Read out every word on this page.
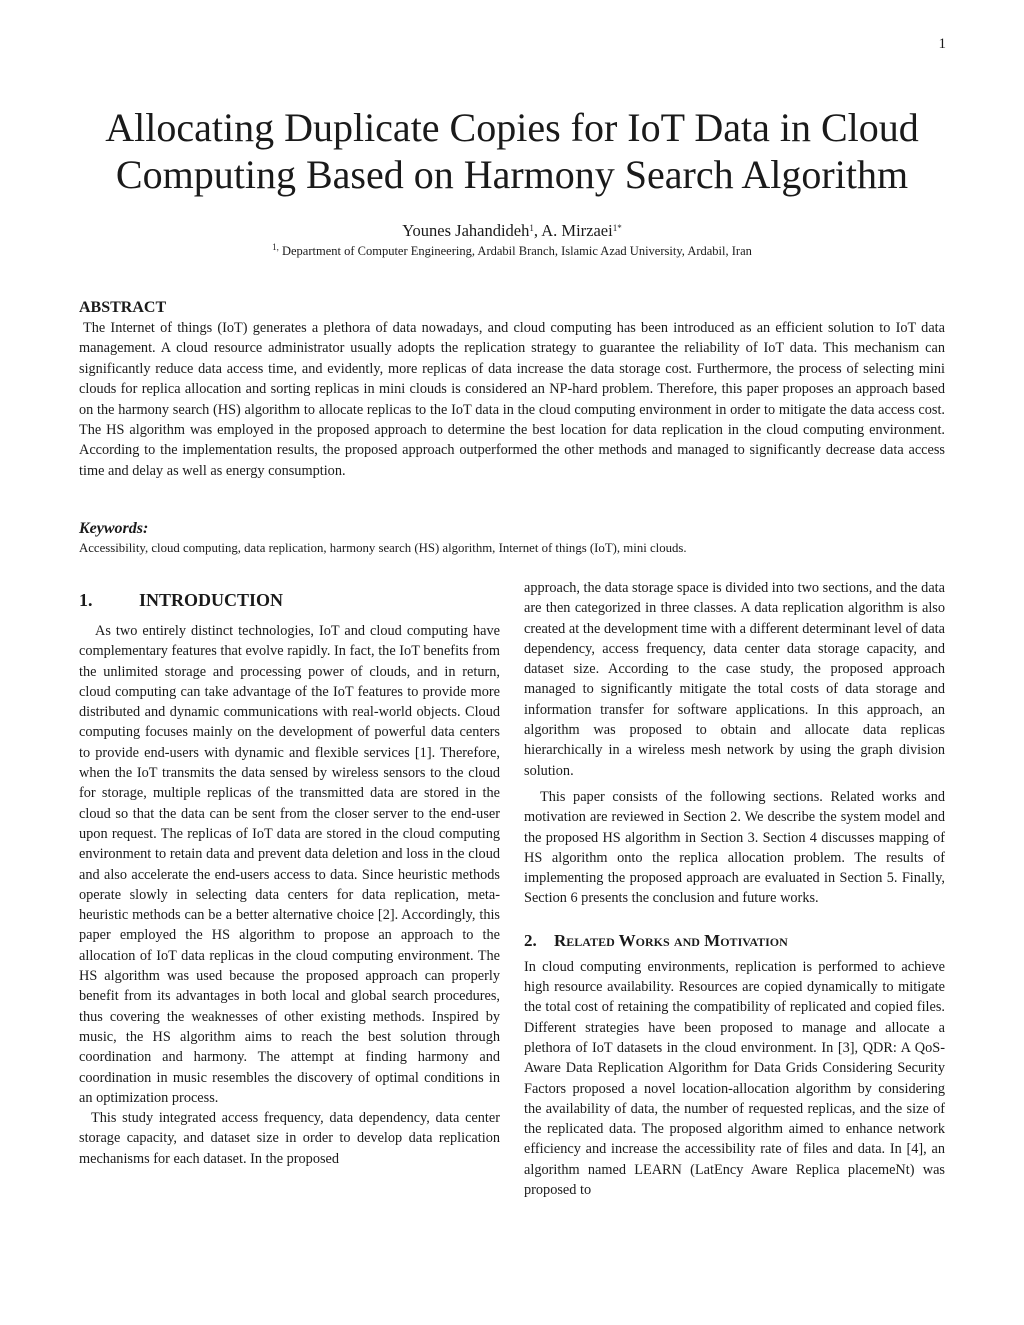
1
Allocating Duplicate Copies for IoT Data in Cloud
Computing Based on Harmony Search Algorithm
Younes Jahandideh$^1$, A. Mirzaei$^{1*}$
$^{1,}$ Department of Computer Engineering, Ardabil Branch, Islamic Azad University, Ardabil, Iran
ABSTRACT

The Internet of things (IoT) generates a plethora of data nowadays, and cloud computing has been introduced as an efficient solution to IoT data management. A cloud resource administrator usually adopts the replication strategy to guarantee the reliability of IoT data. This mechanism can significantly reduce data access time, and evidently, more replicas of data increase the data storage cost. Furthermore, the process of selecting mini clouds for replica allocation and sorting replicas in mini clouds is considered an NP-hard problem. Therefore, this paper proposes an approach based on the harmony search (HS) algorithm to allocate replicas to the IoT data in the cloud computing environment in order to mitigate the data access cost. The HS algorithm was employed in the proposed approach to determine the best location for data replication in the cloud computing environment. According to the implementation results, the proposed approach outperformed the other methods and managed to significantly decrease data access time and delay as well as energy consumption.

Keywords:

Accessibility, cloud computing, data replication, harmony search (HS) algorithm, Internet of things (IoT), mini clouds.

1.	INTRODUCTION

As two entirely distinct technologies, IoT and cloud computing have complementary features that evolve rapidly. In fact, the IoT benefits from the unlimited storage and processing power of clouds, and in return, cloud computing can take advantage of the IoT features to provide more distributed and dynamic communications with real-world objects. Cloud computing focuses mainly on the development of powerful data centers to provide end-users with dynamic and flexible services [1]. Therefore, when the IoT transmits the data sensed by wireless sensors to the cloud for storage, multiple replicas of the transmitted data are stored in the cloud so that the data can be sent from the closer server to the end-user upon request. The replicas of IoT data are stored in the cloud computing environment to retain data and prevent data deletion and loss in the cloud and also accelerate the end-users access to data. Since heuristic methods operate slowly in selecting data centers for data replication, meta-heuristic methods can be a better alternative choice [2]. Accordingly, this paper employed the HS algorithm to propose an approach to the allocation of IoT data replicas in the cloud computing environment. The HS algorithm was used because the proposed approach can properly benefit from its advantages in both local and global search procedures, thus covering the weaknesses of other existing methods. Inspired by music, the HS algorithm aims to reach the best solution through coordination and harmony. The attempt at finding harmony and coordination in music resembles the discovery of optimal conditions in an optimization process.

This study integrated access frequency, data dependency, data center storage capacity, and dataset size in order to develop data replication mechanisms for each dataset. In the proposed

approach, the data storage space is divided into two sections, and the data are then categorized in three classes. A data replication algorithm is also created at the development time with a different determinant level of data dependency, access frequency, data center data storage capacity, and dataset size. According to the case study, the proposed approach managed to significantly mitigate the total costs of data storage and information transfer for software applications. In this approach, an algorithm was proposed to obtain and allocate data replicas hierarchically in a wireless mesh network by using the graph division solution.

This paper consists of the following sections. Related works and motivation are reviewed in Section 2. We describe the system model and the proposed HS algorithm in Section 3. Section 4 discusses mapping of HS algorithm onto the replica allocation problem. The results of implementing the proposed approach are evaluated in Section 5. Finally, Section 6 presents the conclusion and future works.

2.	Related Works and Motivation

In cloud computing environments, replication is performed to achieve high resource availability. Resources are copied dynamically to mitigate the total cost of retaining the compatibility of replicated and copied files. Different strategies have been proposed to manage and allocate a plethora of IoT datasets in the cloud environment. In [3], QDR: A QoS-Aware Data Replication Algorithm for Data Grids Considering Security Factors proposed a novel location-allocation algorithm by considering the availability of data, the number of requested replicas, and the size of the replicated data. The proposed algorithm aimed to enhance network efficiency and increase the accessibility rate of files and data. In [4], an algorithm named LEARN (LatEncy Aware Replica placemeNt) was proposed to
